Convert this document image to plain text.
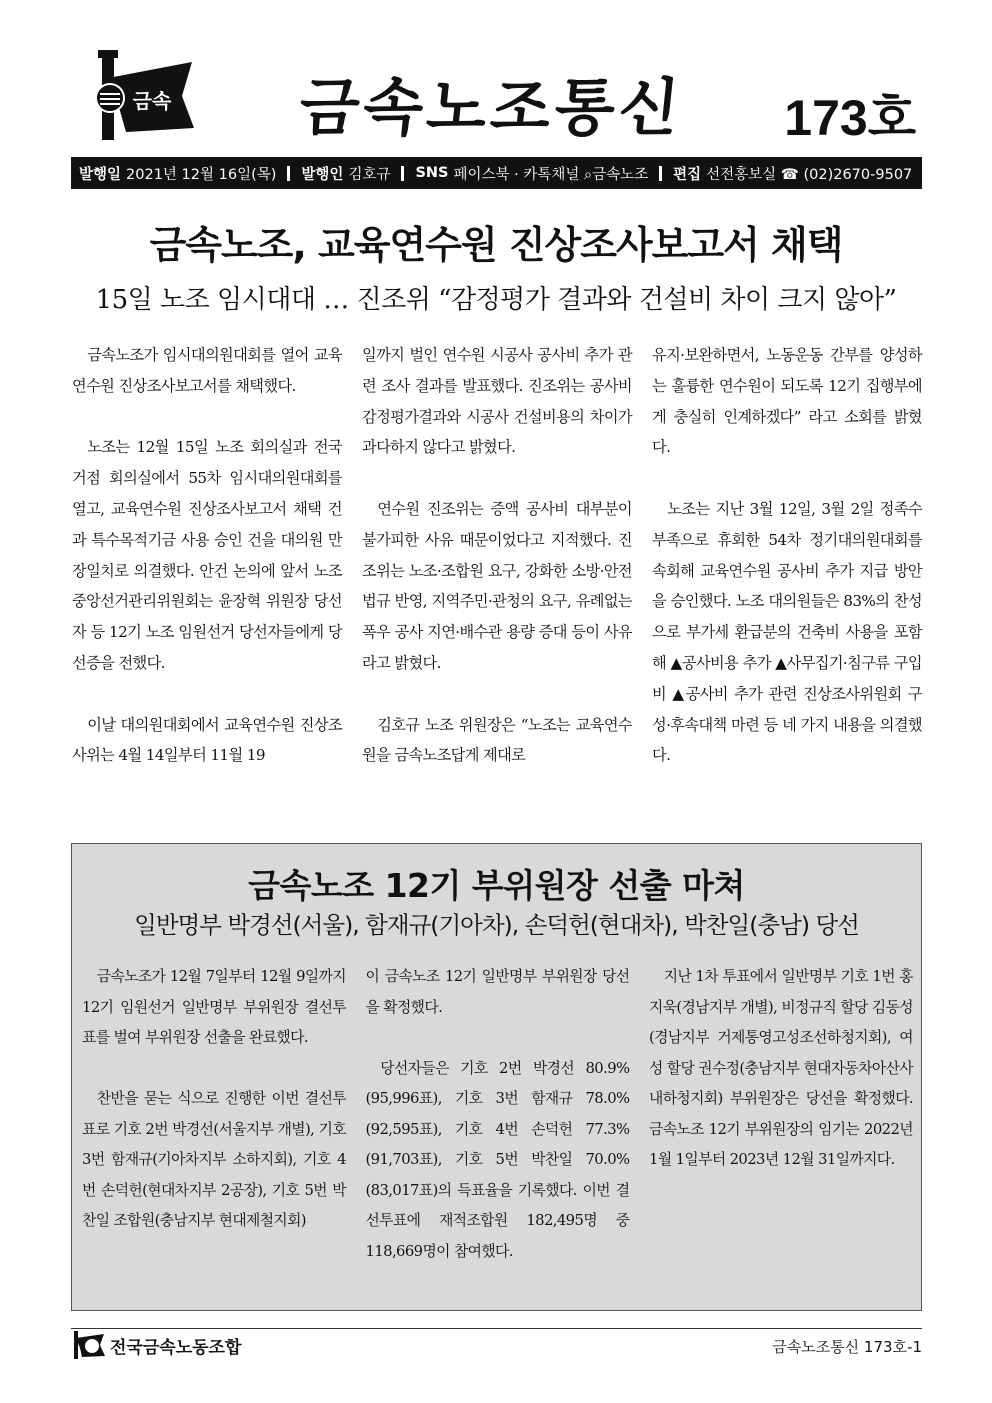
금속 금속노조통신 173호
발행일 2021년 12월 16일(목) 발행인 김호규 SNS 페이스북 · 카톡채널 ⌕금속노조 편집 선전홍보실 ☎ (02)2670-9507
금속노조, 교육연수원 진상조사보고서 채택
15일 노조 임시대대 … 진조위 “감정평가 결과와 건설비 차이 크지 않아”

금속노조가 임시대의원대회를 열어 교육연수원 진상조사보고서를 채택했다.

노조는 12월 15일 노조 회의실과 전국 거점 회의실에서 55차 임시대의원대회를 열고, 교육연수원 진상조사보고서 채택 건과 특수목적기금 사용 승인 건을 대의원 만장일치로 의결했다. 안건 논의에 앞서 노조 중앙선거관리위원회는 윤장혁 위원장 당선자 등 12기 노조 임원선거 당선자들에게 당선증을 전했다.

이날 대의원대회에서 교육연수원 진상조사위는 4월 14일부터 11월 19

일까지 벌인 연수원 시공사 공사비 추가 관련 조사 결과를 발표했다. 진조위는 공사비 감정평가결과와 시공사 건설비용의 차이가 과다하지 않다고 밝혔다.

연수원 진조위는 증액 공사비 대부분이 불가피한 사유 때문이었다고 지적했다. 진조위는 노조·조합원 요구, 강화한 소방·안전법규 반영, 지역주민·관청의 요구, 유례없는 폭우 공사 지연·배수관 용량 증대 등이 사유라고 밝혔다.

김호규 노조 위원장은 “노조는 교육연수원을 금속노조답게 제대로

유지·보완하면서, 노동운동 간부를 양성하는 훌륭한 연수원이 되도록 12기 집행부에게 충실히 인계하겠다” 라고 소회를 밝혔다.

노조는 지난 3월 12일, 3월 2일 정족수 부족으로 휴회한 54차 정기대의원대회를 속회해 교육연수원 공사비 추가 지급 방안을 승인했다. 노조 대의원들은 83%의 찬성으로 부가세 환급분의 건축비 사용을 포함해 ▲공사비용 추가 ▲사무집기·침구류 구입비 ▲공사비 추가 관련 진상조사위원회 구성·후속대책 마련 등 네 가지 내용을 의결했다.

금속노조 12기 부위원장 선출 마쳐
일반명부 박경선(서울), 함재규(기아차), 손덕헌(현대차), 박찬일(충남) 당선

금속노조가 12월 7일부터 12월 9일까지 12기 임원선거 일반명부 부위원장 결선투표를 벌여 부위원장 선출을 완료했다.

찬반을 묻는 식으로 진행한 이번 결선투표로 기호 2번 박경선(서울지부 개별), 기호 3번 함재규(기아차지부 소하지회), 기호 4번 손덕헌(현대차지부 2공장), 기호 5번 박찬일 조합원(충남지부 현대제철지회)

이 금속노조 12기 일반명부 부위원장 당선을 확정했다.

당선자들은 기호 2번 박경선 80.9%(95,996표), 기호 3번 함재규 78.0%(92,595표), 기호 4번 손덕헌 77.3%(91,703표), 기호 5번 박찬일 70.0%(83,017표)의 득표율을 기록했다. 이번 결선투표에 재적조합원 182,495명 중 118,669명이 참여했다.

지난 1차 투표에서 일반명부 기호 1번 홍지욱(경남지부 개별), 비정규직 할당 김동성(경남지부 거제통영고성조선하청지회), 여성 할당 권수정(충남지부 현대자동차아산사내하청지회) 부위원장은 당선을 확정했다. 금속노조 12기 부위원장의 임기는 2022년 1월 1일부터 2023년 12월 31일까지다.

전국금속노동조합	금속노조통신 173호-1
